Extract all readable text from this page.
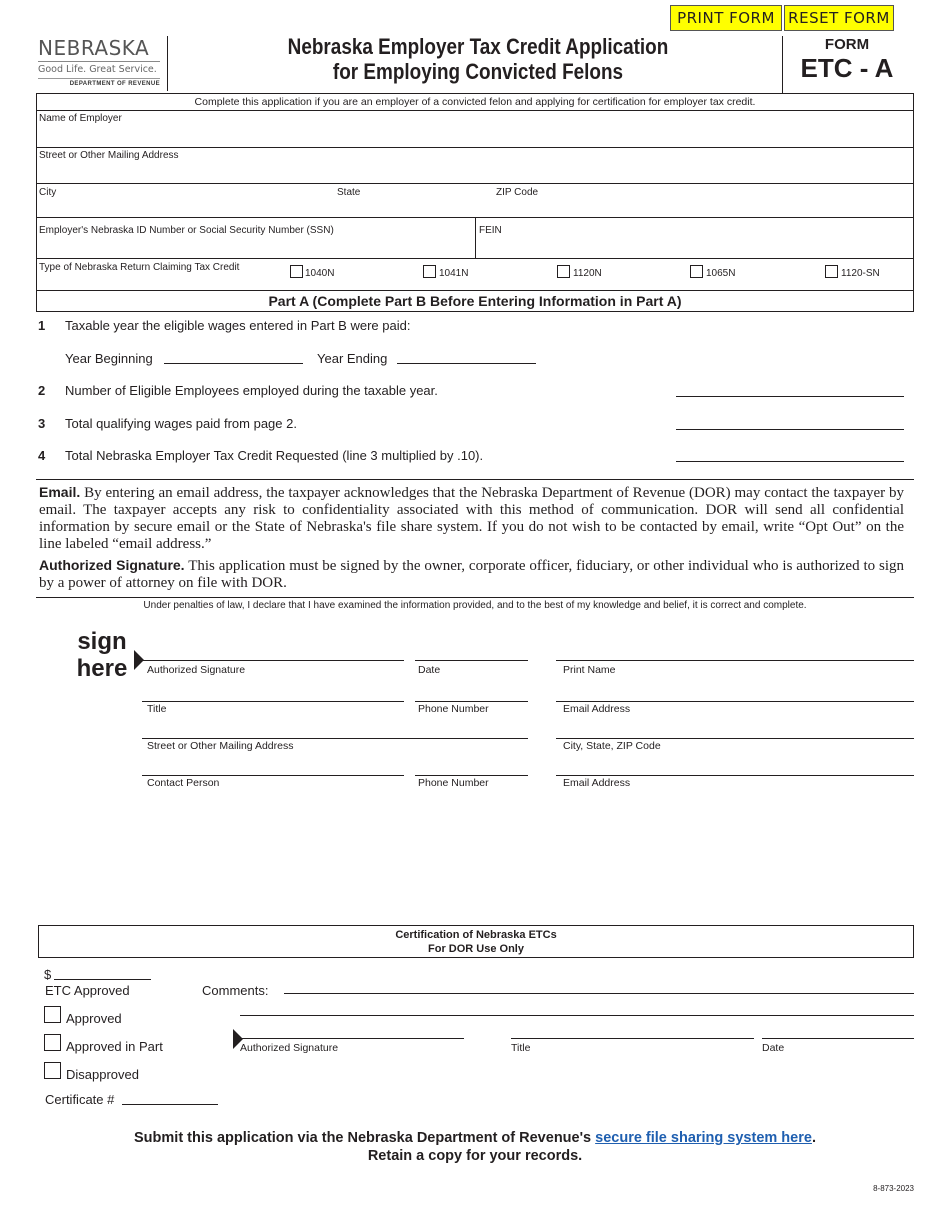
PRINT FORM RESET FORM
NEBRASKA
Good Life. Great Service.
DEPARTMENT OF REVENUE
Nebraska Employer Tax Credit Application
for Employing Convicted Felons
FORM
ETC - A
Complete this application if you are an employer of a convicted felon and applying for certification for employer tax credit.
Name of Employer
Street or Other Mailing Address
City	State	ZIP Code
Employer's Nebraska ID Number or Social Security Number (SSN)	FEIN
Type of Nebraska Return Claiming Tax Credit
1040N	1041N	1120N	1065N	1120-SN
Part A (Complete Part B Before Entering Information in Part A)
1 Taxable year the eligible wages entered in Part B were paid:
Year Beginning	Year Ending
2 Number of Eligible Employees employed during the taxable year.
3 Total qualifying wages paid from page 2.
4 Total Nebraska Employer Tax Credit Requested (line 3 multiplied by .10).
Email. By entering an email address, the taxpayer acknowledges that the Nebraska Department of Revenue (DOR) may contact the taxpayer by email. The taxpayer accepts any risk to confidentiality associated with this method of communication. DOR will send all confidential information by secure email or the State of Nebraska's file share system. If you do not wish to be contacted by email, write “Opt Out” on the line labeled “email address.”
Authorized Signature. This application must be signed by the owner, corporate officer, fiduciary, or other individual who is authorized to sign by a power of attorney on file with DOR.
Under penalties of law, I declare that I have examined the information provided, and to the best of my knowledge and belief, it is correct and complete.
sign
here	Authorized Signature	Date	Print Name
Title	Phone Number	Email Address
Street or Other Mailing Address	City, State, ZIP Code
Contact Person	Phone Number	Email Address
Certification of Nebraska ETCs
For DOR Use Only
$
ETC Approved	Comments:
Approved
Approved in Part
Disapproved
Certificate #
Authorized Signature	Title	Date
Submit this application via the Nebraska Department of Revenue's secure file sharing system here.
Retain a copy for your records.
8-873-2023
